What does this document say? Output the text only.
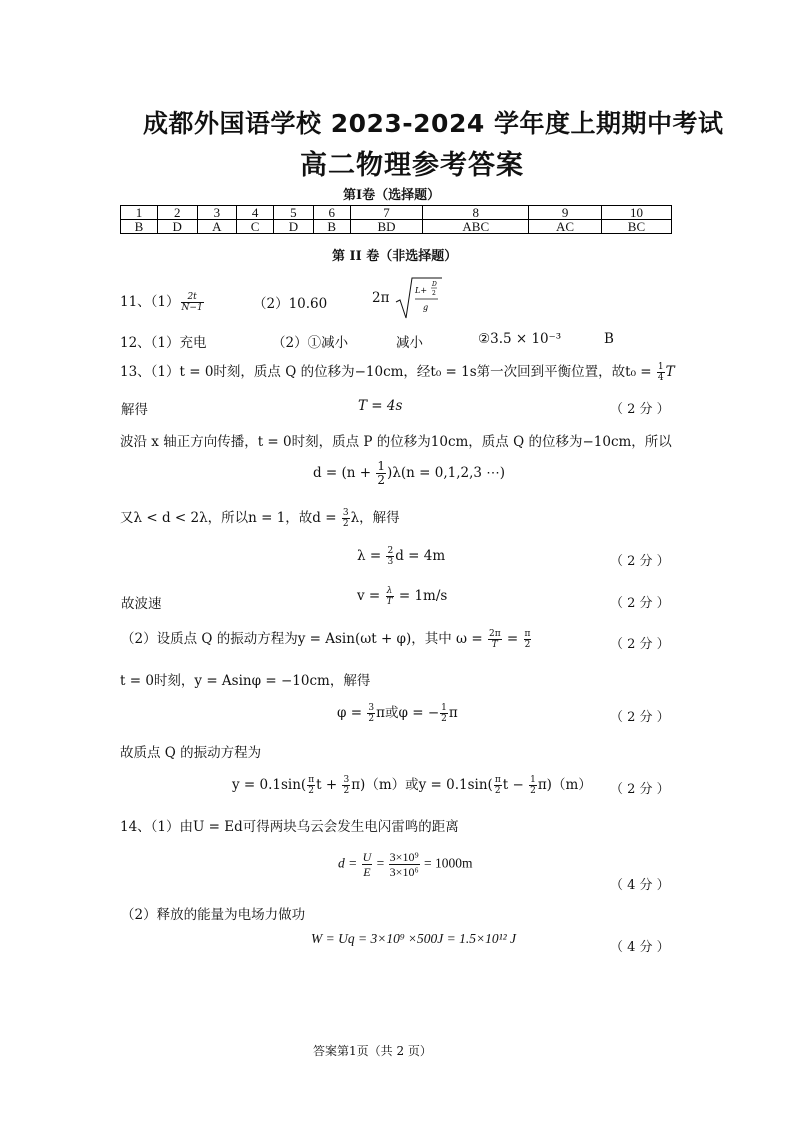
成都外国语学校 2023-2024 学年度上期期中考试
高二物理参考答案
第Ⅰ卷（选择题）
1	2	3	4	5	6	7	8	9	10
B	D	A	C	D	B	BD	ABC	AC	BC
第 II 卷（非选择题）
11、$(1) \frac{2t}{N-1}$	（2）10.60	2π	L+
D
2
g
12、（1）充电	（2）①减小	减小	②3.5 × 10⁻³	B
13、（1）t = 0时刻，质点 Q 的位移为−10cm，经t₀ = 1s第一次回到平衡位置，故$t_0 = \frac{1}{4}$ T
解得	T = 4s	（ 2 分 ）
波沿 x 轴正方向传播，t = 0时刻，质点 P 的位移为10cm，质点 Q 的位移为−10cm，所以
$d = (n + \frac{1}{2} )\lambda(n = 0,1,2,3$ ⋯)
又λ < d < 2λ，所以n = 1，故$d = \frac{3}{2}$ λ，解得
$\lambda = \frac{2}{3}$ d = 4m	（ 2 分 ）
故波速	$v = \frac{\lambda}{T} = 1m/s$	（ 2 分 ）
（2）设质点 Q 的振动方程为y = Asin(ωt + φ)，其中 $\omega = \frac{2\pi}{T} = \frac{\pi}{2}$	（ 2 分 ）
t = 0时刻，y = Asinφ = −10cm，解得
$\varphi = \frac{3}{2}$ π或φ = − $\frac{1}{2}$ π	（ 2 分 ）
故质点 Q 的振动方程为
$y = 0.1\sin( \frac{\pi}{2}$ $t + \frac{3}{2} \pi)(m)$或$y = 0.1\sin( \frac{\pi}{2}$ $t - \frac{1}{2} \pi)(m)$ （ 2 分 ）
14、（1）由U = Ed可得两块乌云会发生电闪雷鸣的距离
$d = \frac{U}{E} = \frac{\text{3×10⁹}}{\text{3×10⁶}} = 1000m$
（ 4 分 ）
（2）释放的能量为电场力做功
W = Uq = 3×10⁹ ×500J = 1.5×10¹² J
（ 4 分 ）
答案第1页（共 2 页）
